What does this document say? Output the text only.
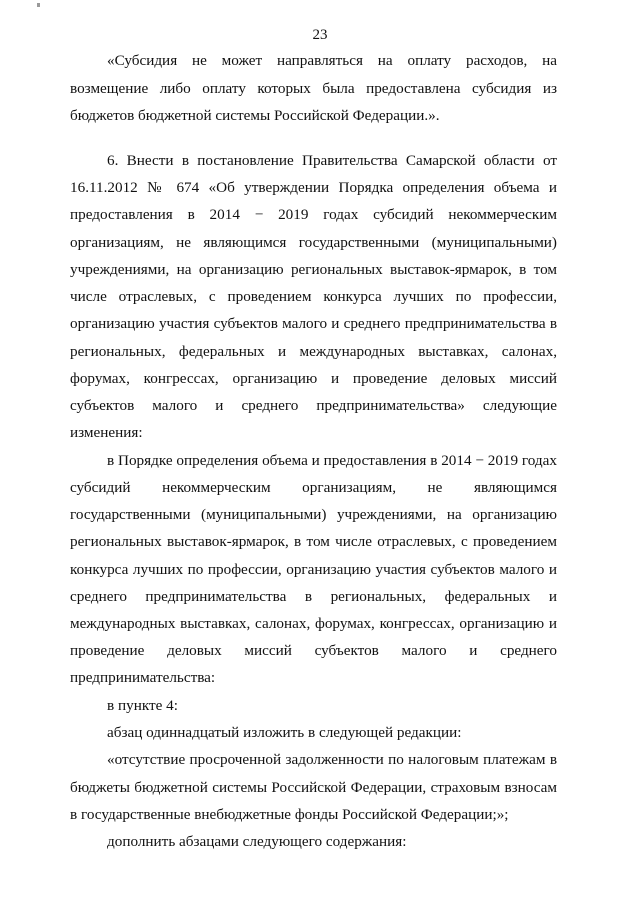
23
«Субсидия не может направляться на оплату расходов, на
возмещение либо оплату которых была предоставлена субсидия из
бюджетов бюджетной системы Российской Федерации.».
6. Внести в постановление Правительства Самарской области от
16.11.2012 № 674 «Об утверждении Порядка определения объема и
предоставления в 2014 − 2019 годах субсидий некоммерческим
организациям, не являющимся государственными (муниципальными)
учреждениями, на организацию региональных выставок-ярмарок, в том
числе отраслевых, с проведением конкурса лучших по профессии,
организацию участия субъектов малого и среднего предпринимательства в
региональных, федеральных и международных выставках, салонах,
форумах, конгрессах, организацию и проведение деловых миссий
субъектов малого и среднего предпринимательства» следующие
изменения:
в Порядке определения объема и предоставления в 2014 − 2019 годах
субсидий некоммерческим организациям, не являющимся
государственными (муниципальными) учреждениями, на организацию
региональных выставок-ярмарок, в том числе отраслевых, с проведением
конкурса лучших по профессии, организацию участия субъектов малого и
среднего предпринимательства в региональных, федеральных и
международных выставках, салонах, форумах, конгрессах, организацию и
проведение деловых миссий субъектов малого и среднего
предпринимательства:
в пункте 4:
абзац одиннадцатый изложить в следующей редакции:
«отсутствие просроченной задолженности по налоговым платежам в
бюджеты бюджетной системы Российской Федерации, страховым взносам
в государственные внебюджетные фонды Российской Федерации;»;
дополнить абзацами следующего содержания:
